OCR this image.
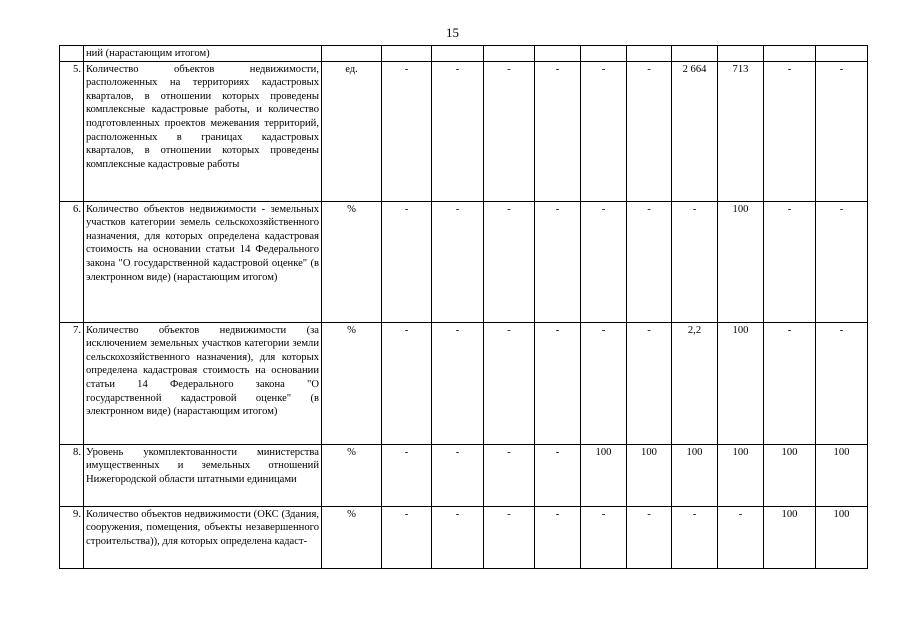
15
	ний (нарастающим итогом)											
5.	Количество объектов недвижимости, расположенных на территориях кадастровых кварталов, в отношении которых проведены комплексные кадастровые работы, и количество подготовленных проектов межевания территорий, расположенных в границах кадастровых кварталов, в отношении которых проведены комплексные кадастровые работы	ед.	-	-	-	-	-	-	2 664	713	-	-
6.	Количество объектов недвижимости - земельных участков категории земель сельскохозяйственного назначения, для которых определена кадастровая стоимость на основании статьи 14 Федерального закона "О государственной кадастровой оценке" (в электронном виде) (нарастающим итогом)	%	-	-	-	-	-	-	-	100	-	-
7.	Количество объектов недвижимости (за исключением земельных участков категории земли сельскохозяйственного назначения), для которых определена кадастровая стоимость на основании статьи 14 Федерального закона "О государственной кадастровой оценке" (в электронном виде) (нарастающим итогом)	%	-	-	-	-	-	-	2,2	100	-	-
8.	Уровень укомплектованности министерства имущественных и земельных отношений Нижегородской области штатными единицами	%	-	-	-	-	100	100	100	100	100	100
9.	Количество объектов недвижимости (ОКС (Здания, сооружения, помещения, объекты незавершенного строительства)), для которых определена кадаст-	%	-	-	-	-	-	-	-	-	100	100
